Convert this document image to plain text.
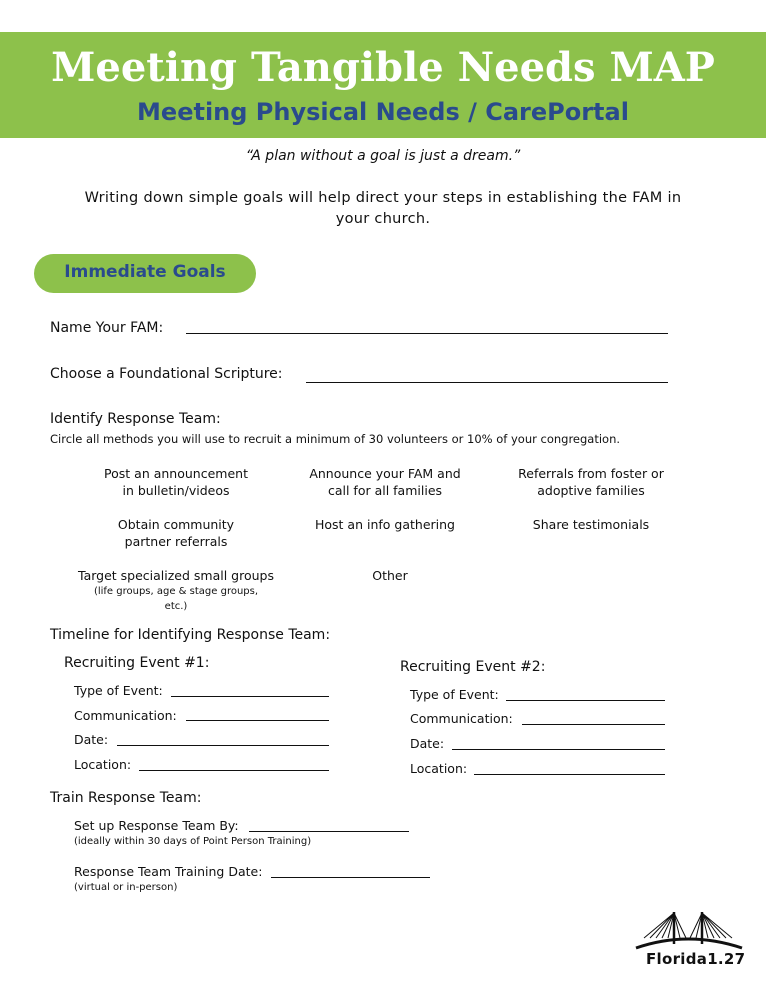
Meeting Tangible Needs MAP
Meeting Physical Needs / CarePortal
“A plan without a goal is just a dream.”
Writing down simple goals will help direct your steps in establishing the FAM in your church.
Immediate Goals
Name Your FAM:
Choose a Foundational Scripture:
Identify Response Team:
Circle all methods you will use to recruit a minimum of 30 volunteers or 10% of your congregation.
Post an announcement
in bulletin/videos
Announce your FAM and
call for all families
Referrals from foster or
adoptive families
Obtain community
partner referrals
Host an info gathering	Share testimonials
Target specialized small groups

(life groups, age & stage groups,
etc.)
Other
Timeline for Identifying Response Team:
Recruiting Event #1:
Type of Event:
Communication:
Date:
Location:
Recruiting Event #2:
Type of Event:
Communication:
Date:
Location:
Train Response Team:
Set up Response Team By:
(ideally within 30 days of Point Person Training)
Response Team Training Date:
(virtual or in-person)
Florida1.27
